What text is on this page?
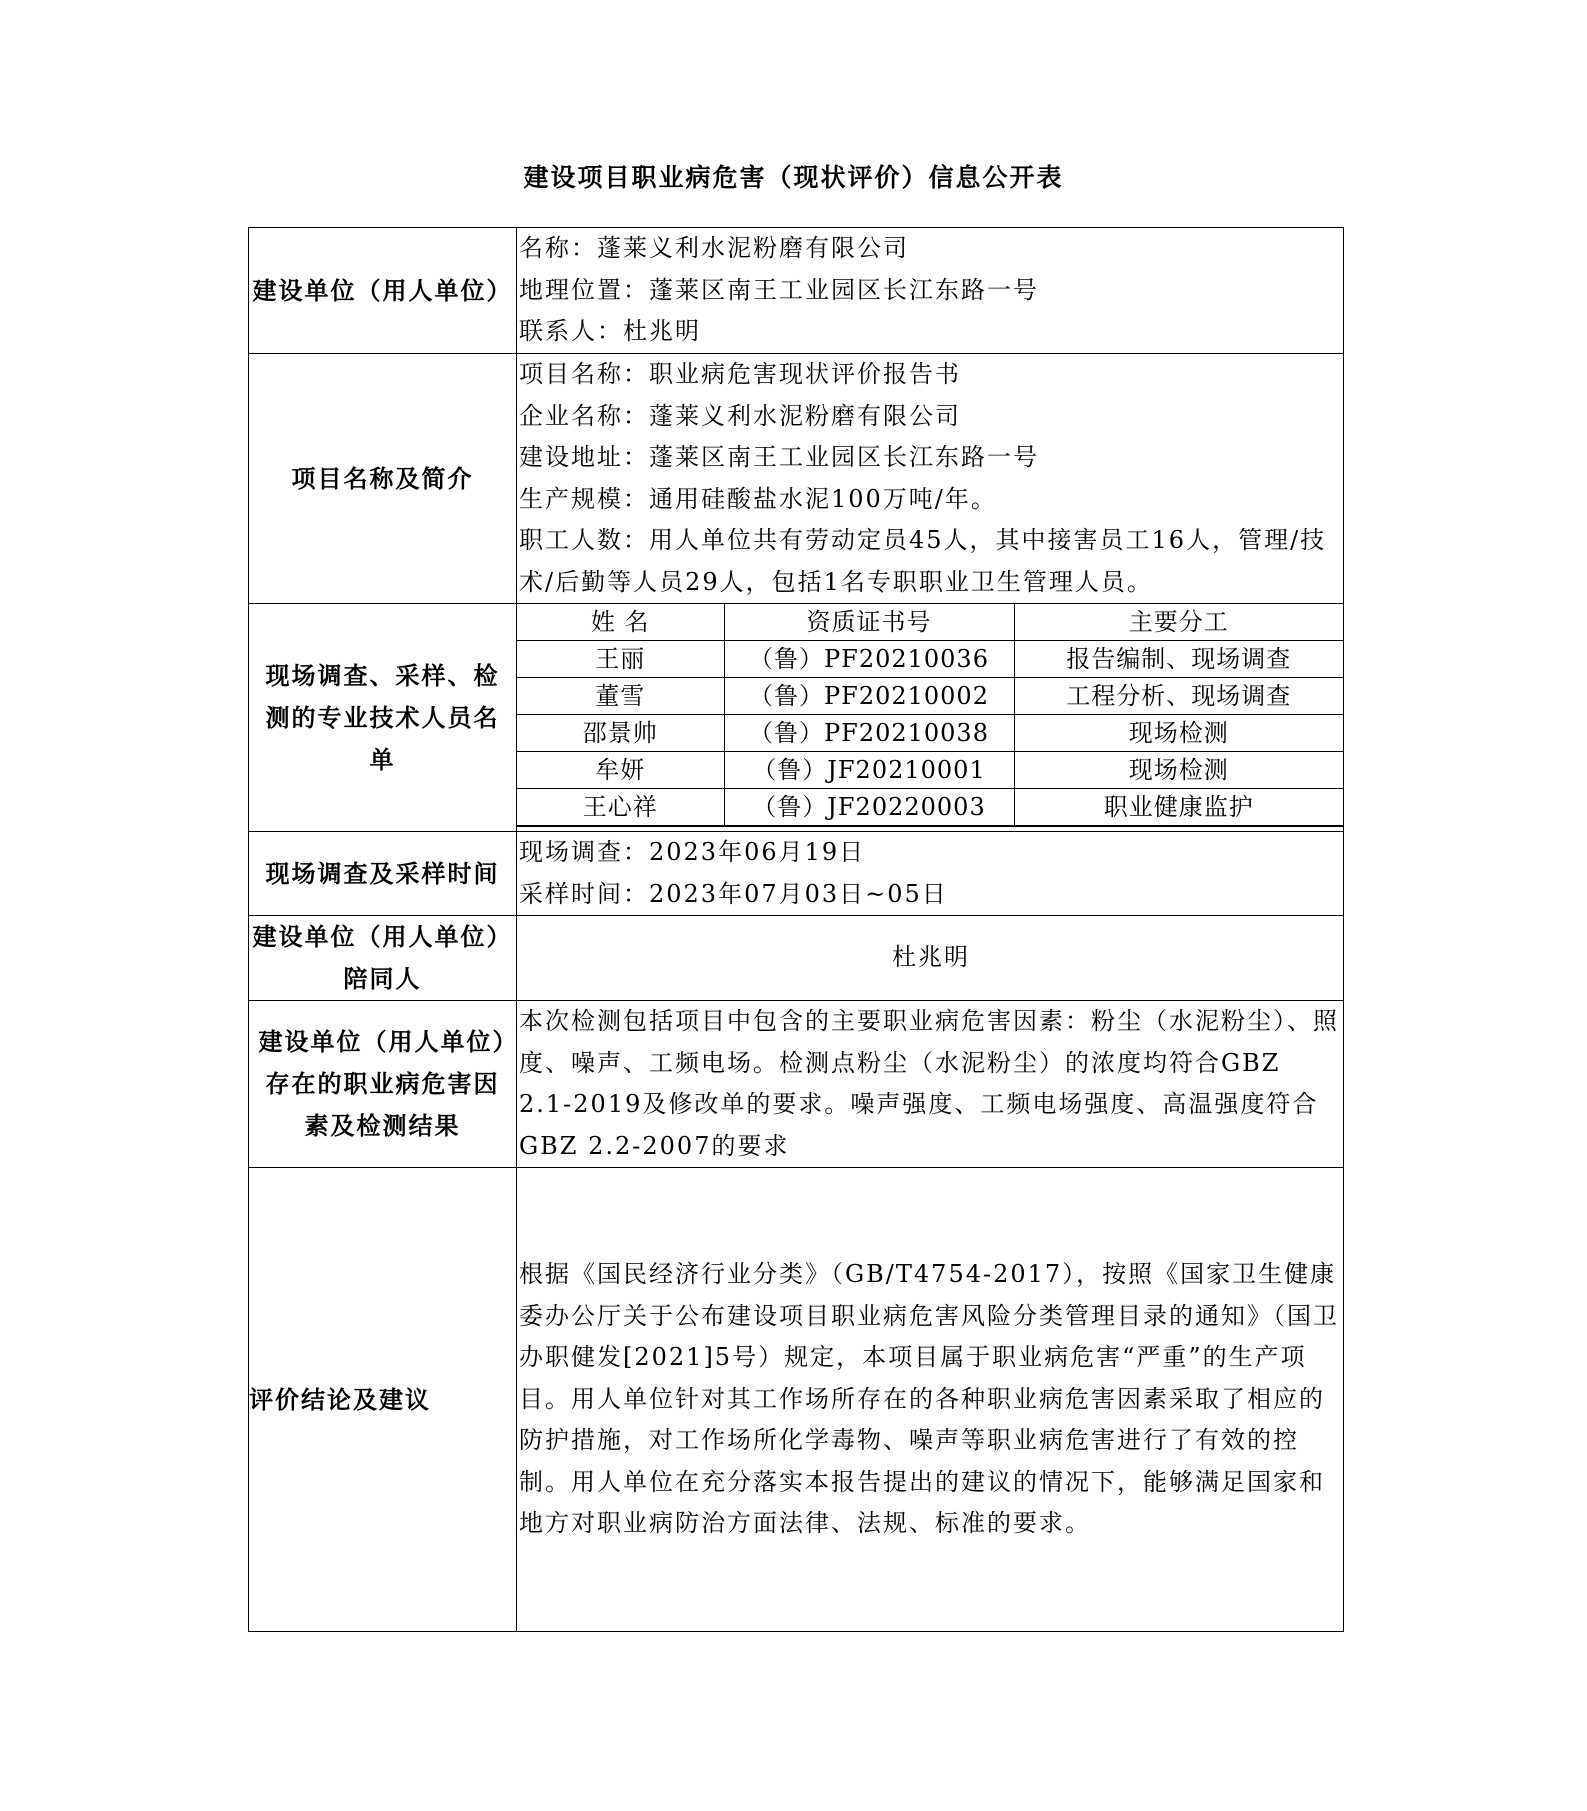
建设项目职业病危害（现状评价）信息公开表
建设单位（用人单位）	
名称：蓬莱义利水泥粉磨有限公司
地理位置：蓬莱区南王工业园区长江东路一号
联系人：杜兆明

项目名称及简介	
项目名称：职业病危害现状评价报告书
企业名称：蓬莱义利水泥粉磨有限公司
建设地址：蓬莱区南王工业园区长江东路一号
生产规模：通用硅酸盐水泥100万吨/年。
职工人数：用人单位共有劳动定员45人，其中接害员工16人，管理/技术/后勤等人员29人，包括1名专职职业卫生管理人员。

现场调查、采样、检测的专业技术人员名单	
姓 名	资质证书号	主要分工
王丽	（鲁）PF20210036	报告编制、现场调查
董雪	（鲁）PF20210002	工程分析、现场调查
邵景帅	（鲁）PF20210038	现场检测
牟妍	（鲁）JF20210001	现场检测
王心祥	（鲁）JF20220003	职业健康监护

现场调查及采样时间	
现场调查：2023年06月19日
采样时间：2023年07月03日~05日

建设单位（用人单位）陪同人	杜兆明
建设单位（用人单位）存在的职业病危害因素及检测结果	本次检测包括项目中包含的主要职业病危害因素：粉尘（水泥粉尘）、照度、噪声、工频电场。检测点粉尘（水泥粉尘）的浓度均符合GBZ 2.1-2019及修改单的要求。噪声强度、工频电场强度、高温强度符合GBZ 2.2-2007的要求
评价结论及建议	根据《国民经济行业分类》（GB/T4754-2017），按照《国家卫生健康委办公厅关于公布建设项目职业病危害风险分类管理目录的通知》（国卫办职健发[2021]5号）规定，本项目属于职业病危害“严重”的生产项目。用人单位针对其工作场所存在的各种职业病危害因素采取了相应的防护措施，对工作场所化学毒物、噪声等职业病危害进行了有效的控制。用人单位在充分落实本报告提出的建议的情况下，能够满足国家和地方对职业病防治方面法律、法规、标准的要求。
